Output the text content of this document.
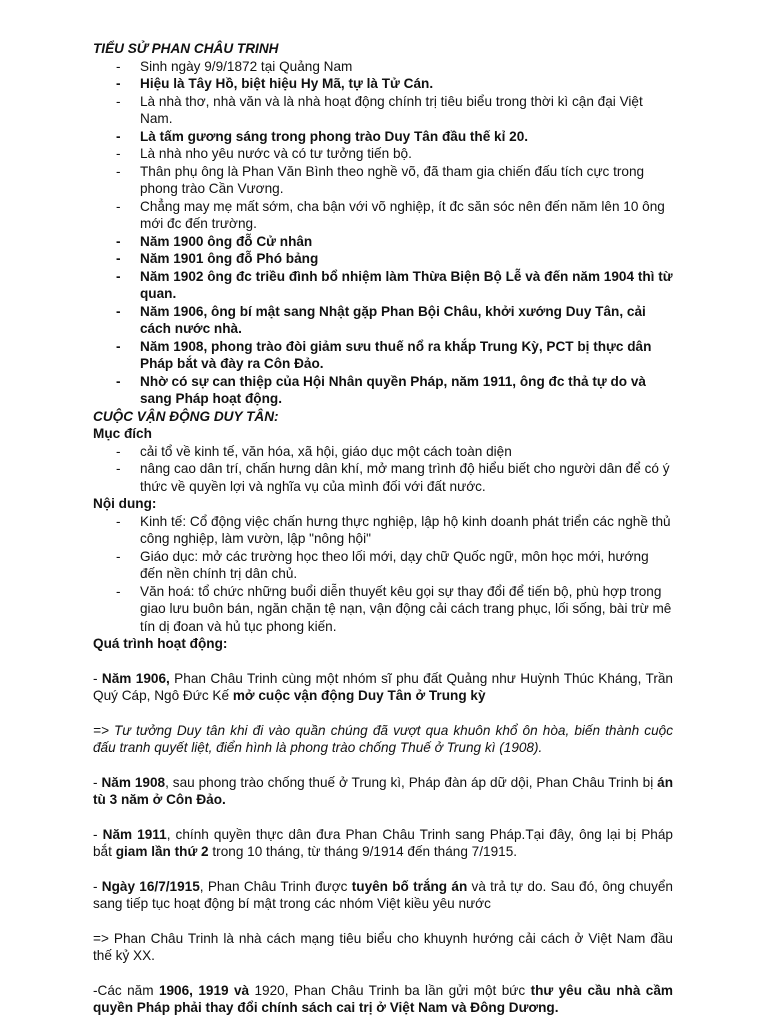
TIỂU SỬ PHAN CHÂU TRINH
- Sinh ngày 9/9/1872 tại Quảng Nam
- Hiệu là Tây Hồ, biệt hiệu Hy Mã, tự là Tử Cán.
- Là nhà thơ, nhà văn và là nhà hoạt động chính trị tiêu biểu trong thời kì cận đại Việt Nam.
- Là tấm gương sáng trong phong trào Duy Tân đầu thế kỉ 20.
- Là nhà nho yêu nước và có tư tưởng tiến bộ.
- Thân phụ ông là Phan Văn Bình theo nghề võ, đã tham gia chiến đấu tích cực trong phong trào Cần Vương.
- Chẳng may mẹ mất sớm, cha bận với võ nghiệp, ít đc săn sóc nên đến năm lên 10 ông mới đc đến trường.
- Năm 1900 ông đỗ Cử nhân
- Năm 1901 ông đỗ Phó bảng
- Năm 1902 ông đc triều đình bổ nhiệm làm Thừa Biện Bộ Lễ và đến năm 1904 thì từ quan.
- Năm 1906, ông bí mật sang Nhật gặp Phan Bội Châu, khởi xướng Duy Tân, cải cách nước nhà.
- Năm 1908, phong trào đòi giảm sưu thuế nổ ra khắp Trung Kỳ, PCT bị thực dân Pháp bắt và đày ra Côn Đảo.
- Nhờ có sự can thiệp của Hội Nhân quyền Pháp, năm 1911, ông đc thả tự do và sang Pháp hoạt động.
CUỘC VẬN ĐỘNG DUY TÂN:
Mục đích
- cải tổ về kinh tế, văn hóa, xã hội, giáo dục một cách toàn diện
- nâng cao dân trí, chấn hưng dân khí, mở mang trình độ hiểu biết cho người dân để có ý thức về quyền lợi và nghĩa vụ của mình đối với đất nước.
Nội dung:
- Kinh tế: Cổ động việc chấn hưng thực nghiệp, lập hộ kinh doanh phát triển các nghề thủ công nghiệp, làm vườn, lập "nông hội"
- Giáo dục: mở các trường học theo lối mới, dạy chữ Quốc ngữ, môn học mới, hướng đến nền chính trị dân chủ.
- Văn hoá: tổ chức những buổi diễn thuyết kêu gọi sự thay đổi để tiến bộ, phù hợp trong giao lưu buôn bán, ngăn chặn tệ nạn, vận động cải cách trang phục, lối sống, bài trừ mê tín dị đoan và hủ tục phong kiến.
Quá trình hoạt động:

- Năm 1906, Phan Châu Trinh cùng một nhóm sĩ phu đất Quảng như Huỳnh Thúc Kháng, Trần Quý Cáp, Ngô Đức Kế mở cuộc vận động Duy Tân ở Trung kỳ

=> Tư tưởng Duy tân khi đi vào quần chúng đã vượt qua khuôn khổ ôn hòa, biến thành cuộc đấu tranh quyết liệt, điển hình là phong trào chống Thuế ở Trung kì (1908).

- Năm 1908, sau phong trào chống thuế ở Trung kì, Pháp đàn áp dữ dội, Phan Châu Trinh bị án tù 3 năm ở Côn Đảo.

- Năm 1911, chính quyền thực dân đưa Phan Châu Trinh sang Pháp.Tại đây, ông lại bị Pháp bắt giam lần thứ 2 trong 10 tháng, từ tháng 9/1914 đến tháng 7/1915.

- Ngày 16/7/1915, Phan Châu Trinh được tuyên bố trắng án và trả tự do. Sau đó, ông chuyển sang tiếp tục hoạt động bí mật trong các nhóm Việt kiều yêu nước

=> Phan Châu Trinh là nhà cách mạng tiêu biểu cho khuynh hướng cải cách ở Việt Nam đầu thế kỷ XX.

-Các năm 1906, 1919 và 1920, Phan Châu Trinh ba lần gửi một bức thư yêu cầu nhà cầm quyền Pháp phải thay đổi chính sách cai trị ở Việt Nam và Đông Dương.
